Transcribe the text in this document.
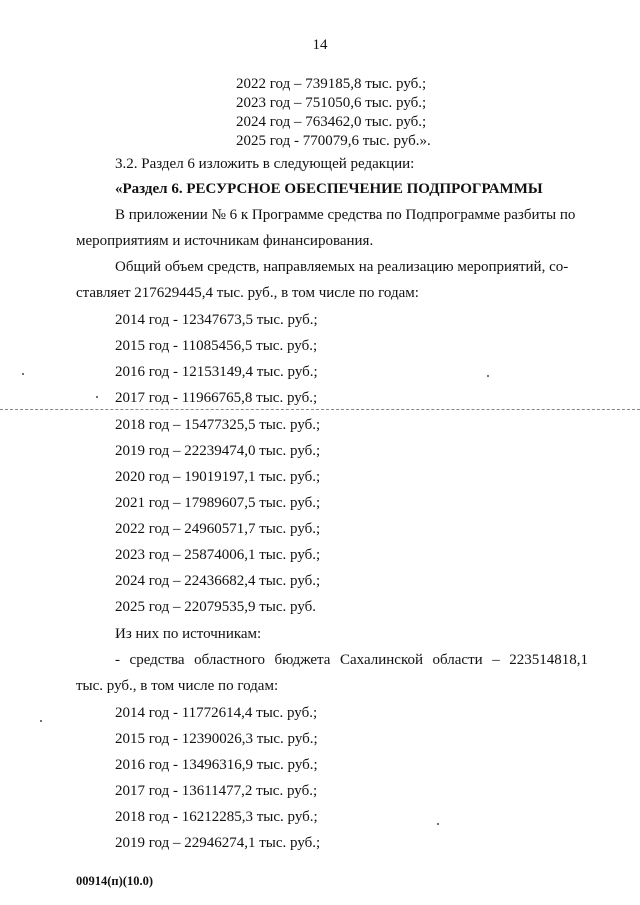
14
2022 год – 739185,8 тыс. руб.;
2023 год – 751050,6 тыс. руб.;
2024 год – 763462,0 тыс. руб.;
2025 год - 770079,6 тыс. руб.».
3.2. Раздел 6 изложить в следующей редакции:
«Раздел 6. РЕСУРСНОЕ ОБЕСПЕЧЕНИЕ ПОДПРОГРАММЫ
В приложении № 6 к Программе средства по Подпрограмме разбиты по
мероприятиям и источникам финансирования.
Общий объем средств, направляемых на реализацию мероприятий, со-
ставляет 217629445,4 тыс. руб., в том числе по годам:
2014 год - 12347673,5 тыс. руб.;
2015 год - 11085456,5 тыс. руб.;
2016 год - 12153149,4 тыс. руб.;
2017 год - 11966765,8 тыс. руб.;
2018 год – 15477325,5 тыс. руб.;
2019 год – 22239474,0 тыс. руб.;
2020 год – 19019197,1 тыс. руб.;
2021 год – 17989607,5 тыс. руб.;
2022 год – 24960571,7 тыс. руб.;
2023 год – 25874006,1 тыс. руб.;
2024 год – 22436682,4 тыс. руб.;
2025 год – 22079535,9 тыс. руб.
Из них по источникам:
- средства областного бюджета Сахалинской области – 223514818,1
тыс. руб., в том числе по годам:
2014 год - 11772614,4 тыс. руб.;
2015 год - 12390026,3 тыс. руб.;
2016 год - 13496316,9 тыс. руб.;
2017 год - 13611477,2 тыс. руб.;
2018 год - 16212285,3 тыс. руб.;
2019 год – 22946274,1 тыс. руб.;
00914(п)(10.0)
